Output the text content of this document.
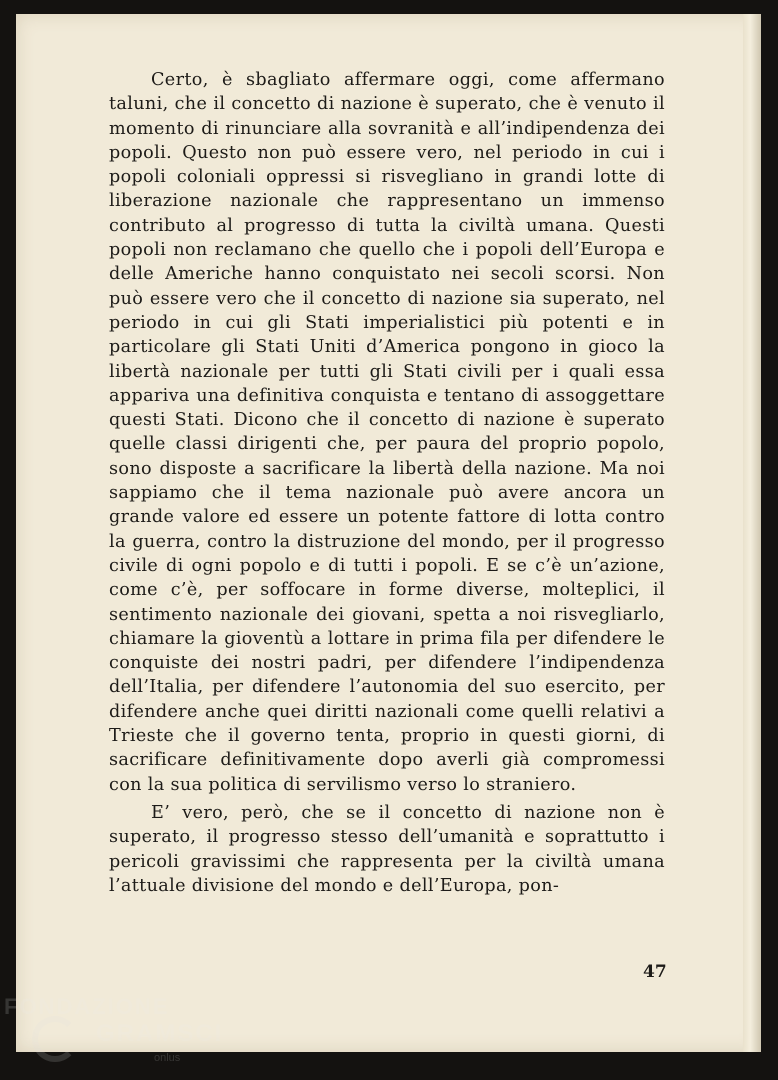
Certo, è sbagliato affermare oggi, come affermano taluni, che il concetto di nazione è superato, che è venuto il momento di rinunciare alla sovranità e all’indipendenza dei popoli. Questo non può essere vero, nel periodo in cui i popoli coloniali oppressi si risvegliano in grandi lotte di liberazione nazionale che rappresentano un immenso contributo al progresso di tutta la civiltà umana. Questi popoli non reclamano che quello che i popoli dell’Europa e delle Americhe hanno conquistato nei secoli scorsi. Non può essere vero che il concetto di nazione sia superato, nel periodo in cui gli Stati imperialistici più potenti e in particolare gli Stati Uniti d’America pongono in gioco la libertà nazionale per tutti gli Stati civili per i quali essa appariva una definitiva conquista e tentano di assoggettare questi Stati. Dicono che il concetto di nazione è superato quelle classi dirigenti che, per paura del proprio popolo, sono disposte a sacrificare la libertà della nazione. Ma noi sappiamo che il tema nazionale può avere ancora un grande valore ed essere un potente fattore di lotta contro la guerra, contro la distruzione del mondo, per il progresso civile di ogni popolo e di tutti i popoli. E se c’è un’azione, come c’è, per soffocare in forme diverse, molteplici, il sentimento nazionale dei giovani, spetta a noi risvegliarlo, chiamare la gioventù a lottare in prima fila per difendere le conquiste dei nostri padri, per difendere l’indipendenza dell’Italia, per difendere l’autonomia del suo esercito, per difendere anche quei diritti nazionali come quelli relativi a Trieste che il governo tenta, proprio in questi giorni, di sacrificare definitivamente dopo averli già compromessi con la sua politica di servilismo verso lo straniero.

E’ vero, però, che se il concetto di nazione non è superato, il progresso stesso dell’umanità e soprattutto i pericoli gravissimi che rappresenta per la civiltà umana l’attuale divisione del mondo e dell’Europa, pon-

47
FONDAZIONE
GRAMSCI
onlus
